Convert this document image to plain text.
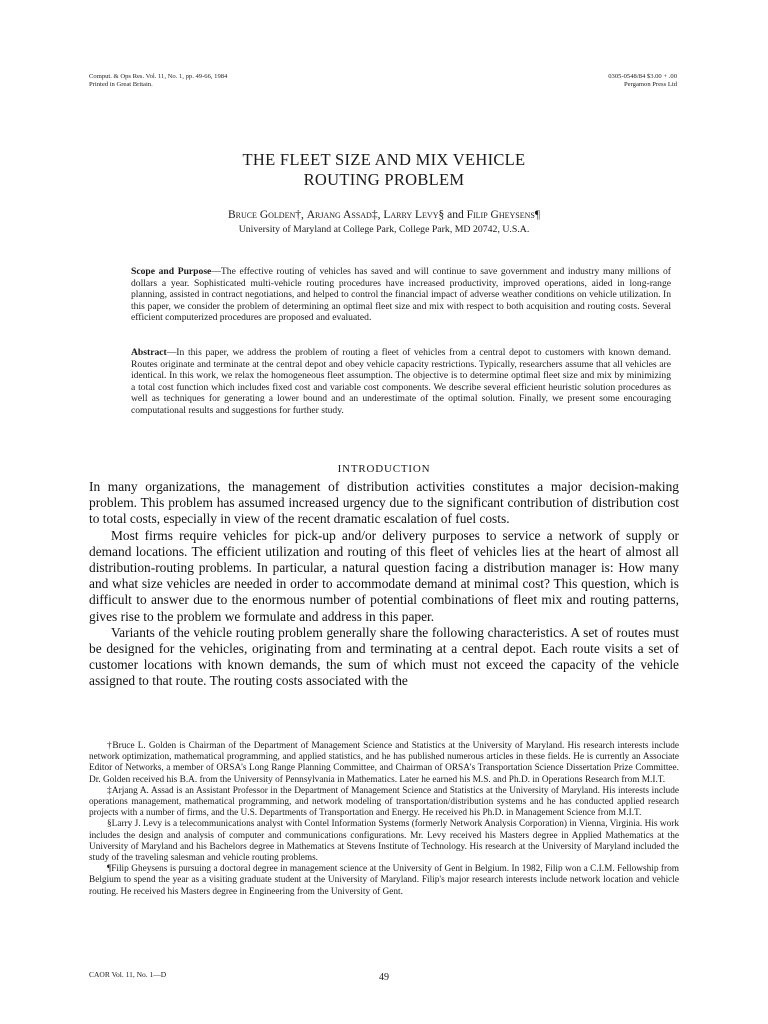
Comput. & Ops Res. Vol. 11, No. 1, pp. 49-66, 1984
Printed in Great Britain.
0305-0548/84 $3.00 + .00
Pergamon Press Ltd
THE FLEET SIZE AND MIX VEHICLE
ROUTING PROBLEM
Bruce Golden†, Arjang Assad‡, Larry Levy§ and Filip Gheysens¶
University of Maryland at College Park, College Park, MD 20742, U.S.A.
Scope and Purpose—The effective routing of vehicles has saved and will continue to save government and industry many millions of dollars a year. Sophisticated multi-vehicle routing procedures have increased productivity, improved operations, aided in long-range planning, assisted in contract negotiations, and helped to control the financial impact of adverse weather conditions on vehicle utilization. In this paper, we consider the problem of determining an optimal fleet size and mix with respect to both acquisition and routing costs. Several efficient computerized procedures are proposed and evaluated.
Abstract—In this paper, we address the problem of routing a fleet of vehicles from a central depot to customers with known demand. Routes originate and terminate at the central depot and obey vehicle capacity restrictions. Typically, researchers assume that all vehicles are identical. In this work, we relax the homogeneous fleet assumption. The objective is to determine optimal fleet size and mix by minimizing a total cost function which includes fixed cost and variable cost components. We describe several efficient heuristic solution procedures as well as techniques for generating a lower bound and an underestimate of the optimal solution. Finally, we present some encouraging computational results and suggestions for further study.
INTRODUCTION

In many organizations, the management of distribution activities constitutes a major decision-making problem. This problem has assumed increased urgency due to the significant contribution of distribution cost to total costs, especially in view of the recent dramatic escalation of fuel costs.

Most firms require vehicles for pick-up and/or delivery purposes to service a network of supply or demand locations. The efficient utilization and routing of this fleet of vehicles lies at the heart of almost all distribution-routing problems. In particular, a natural question facing a distribution manager is: How many and what size vehicles are needed in order to accommodate demand at minimal cost? This question, which is difficult to answer due to the enormous number of potential combinations of fleet mix and routing patterns, gives rise to the problem we formulate and address in this paper.

Variants of the vehicle routing problem generally share the following characteristics. A set of routes must be designed for the vehicles, originating from and terminating at a central depot. Each route visits a set of customer locations with known demands, the sum of which must not exceed the capacity of the vehicle assigned to that route. The routing costs associated with the

†Bruce L. Golden is Chairman of the Department of Management Science and Statistics at the University of Maryland. His research interests include network optimization, mathematical programming, and applied statistics, and he has published numerous articles in these fields. He is currently an Associate Editor of Networks, a member of ORSA's Long Range Planning Committee, and Chairman of ORSA's Transportation Science Dissertation Prize Committee. Dr. Golden received his B.A. from the University of Pennsylvania in Mathematics. Later he earned his M.S. and Ph.D. in Operations Research from M.I.T.

‡Arjang A. Assad is an Assistant Professor in the Department of Management Science and Statistics at the University of Maryland. His interests include operations management, mathematical programming, and network modeling of transportation/distribution systems and he has conducted applied research projects with a number of firms, and the U.S. Departments of Transportation and Energy. He received his Ph.D. in Management Science from M.I.T.

§Larry J. Levy is a telecommunications analyst with Contel Information Systems (formerly Network Analysis Corporation) in Vienna, Virginia. His work includes the design and analysis of computer and communications configurations. Mr. Levy received his Masters degree in Applied Mathematics at the University of Maryland and his Bachelors degree in Mathematics at Stevens Institute of Technology. His research at the University of Maryland included the study of the traveling salesman and vehicle routing problems.

¶Filip Gheysens is pursuing a doctoral degree in management science at the University of Gent in Belgium. In 1982, Filip won a C.I.M. Fellowship from Belgium to spend the year as a visiting graduate student at the University of Maryland. Filip's major research interests include network location and vehicle routing. He received his Masters degree in Engineering from the University of Gent.

CAOR Vol. 11, No. 1—D	49
